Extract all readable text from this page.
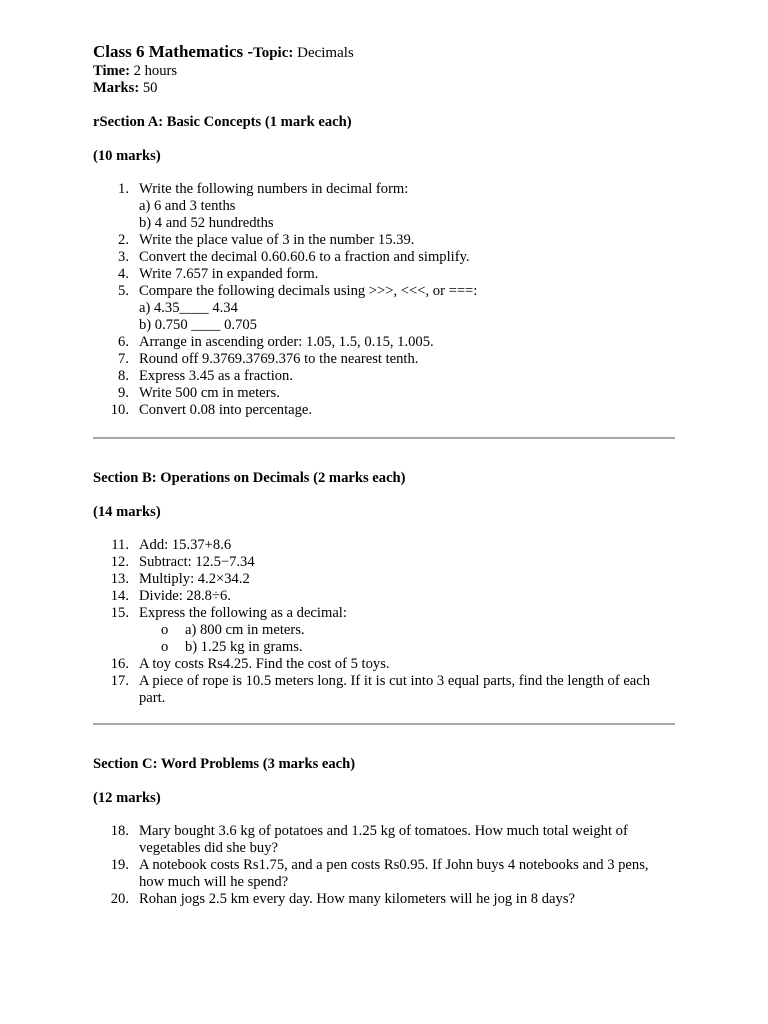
Class 6 Mathematics -Topic: Decimals
Time: 2 hours
Marks: 50
rSection A: Basic Concepts (1 mark each)
(10 marks)
1. Write the following numbers in decimal form:
a) 6 and 3 tenths
b) 4 and 52 hundredths
2. Write the place value of 3 in the number 15.39.
3. Convert the decimal 0.60.60.6 to a fraction and simplify.
4. Write 7.657 in expanded form.
5. Compare the following decimals using >>>, <<<, or ===:
a) 4.35____ 4.34
b) 0.750 ____ 0.705
6. Arrange in ascending order: 1.05, 1.5, 0.15, 1.005.
7. Round off 9.3769.3769.376 to the nearest tenth.
8. Express 3.45 as a fraction.
9. Write 500 cm in meters.
10. Convert 0.08 into percentage.
Section B: Operations on Decimals (2 marks each)
(14 marks)
11. Add: 15.37+8.6
12. Subtract: 12.5−7.34
13. Multiply: 4.2×34.2
14. Divide: 28.8÷6.
15. Express the following as a decimal:
o a) 800 cm in meters.
o b) 1.25 kg in grams.
16. A toy costs Rs4.25. Find the cost of 5 toys.
17. A piece of rope is 10.5 meters long. If it is cut into 3 equal parts, find the length of each part.
Section C: Word Problems (3 marks each)
(12 marks)
18. Mary bought 3.6 kg of potatoes and 1.25 kg of tomatoes. How much total weight of vegetables did she buy?
19. A notebook costs Rs1.75, and a pen costs Rs0.95. If John buys 4 notebooks and 3 pens, how much will he spend?
20. Rohan jogs 2.5 km every day. How many kilometers will he jog in 8 days?
